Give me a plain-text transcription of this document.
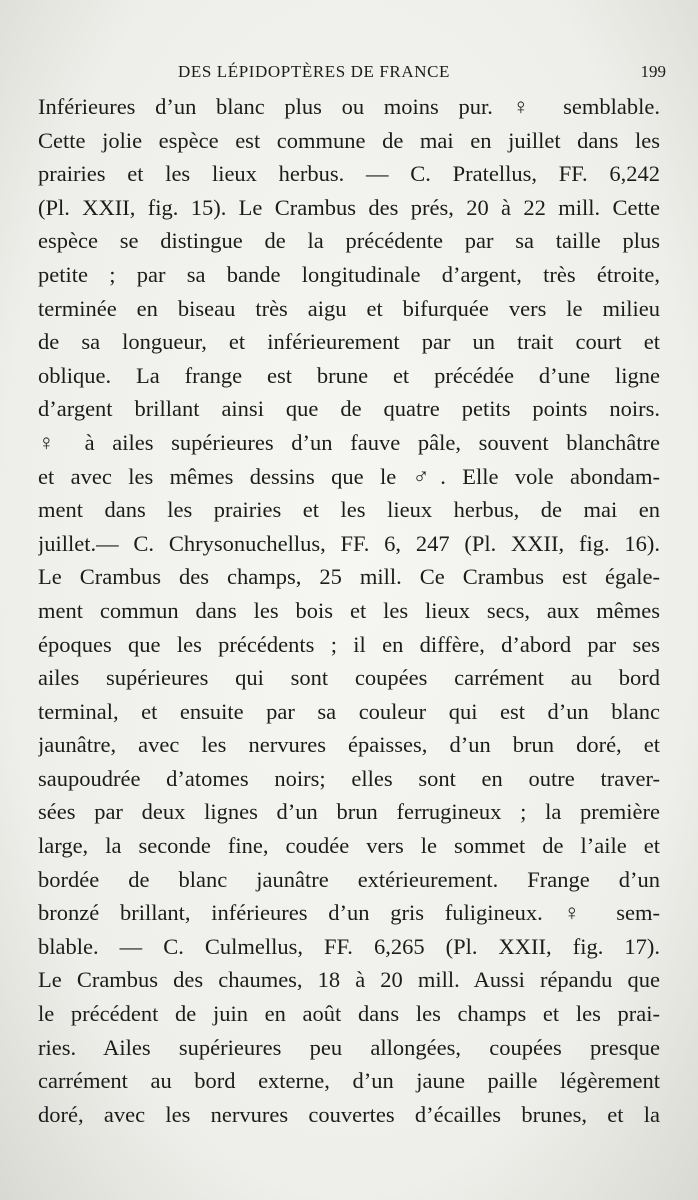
DES LÉPIDOPTÈRES DE FRANCE	199
Inférieures d’un blanc plus ou moins pur. ♀ semblable.
Cette jolie espèce est commune de mai en juillet dans les
prairies et les lieux herbus. — C. Pratellus, FF. 6,242
(Pl. XXII, fig. 15). Le Crambus des prés, 20 à 22 mill. Cette
espèce se distingue de la précédente par sa taille plus
petite ; par sa bande longitudinale d’argent, très étroite,
terminée en biseau très aigu et bifurquée vers le milieu
de sa longueur, et inférieurement par un trait court et
oblique. La frange est brune et précédée d’une ligne
d’argent brillant ainsi que de quatre petits points noirs.
♀ à ailes supérieures d’un fauve pâle, souvent blanchâtre
et avec les mêmes dessins que le ♂. Elle vole abondam-
ment dans les prairies et les lieux herbus, de mai en
juillet.— C. Chrysonuchellus, FF. 6, 247 (Pl. XXII, fig. 16).
Le Crambus des champs, 25 mill. Ce Crambus est égale-
ment commun dans les bois et les lieux secs, aux mêmes
époques que les précédents ; il en diffère, d’abord par ses
ailes supérieures qui sont coupées carrément au bord
terminal, et ensuite par sa couleur qui est d’un blanc
jaunâtre, avec les nervures épaisses, d’un brun doré, et
saupoudrée d’atomes noirs; elles sont en outre traver-
sées par deux lignes d’un brun ferrugineux ; la première
large, la seconde fine, coudée vers le sommet de l’aile et
bordée de blanc jaunâtre extérieurement. Frange d’un
bronzé brillant, inférieures d’un gris fuligineux. ♀ sem-
blable. — C. Culmellus, FF. 6,265 (Pl. XXII, fig. 17).
Le Crambus des chaumes, 18 à 20 mill. Aussi répandu que
le précédent de juin en août dans les champs et les prai-
ries. Ailes supérieures peu allongées, coupées presque
carrément au bord externe, d’un jaune paille légèrement
doré, avec les nervures couvertes d’écailles brunes, et la
